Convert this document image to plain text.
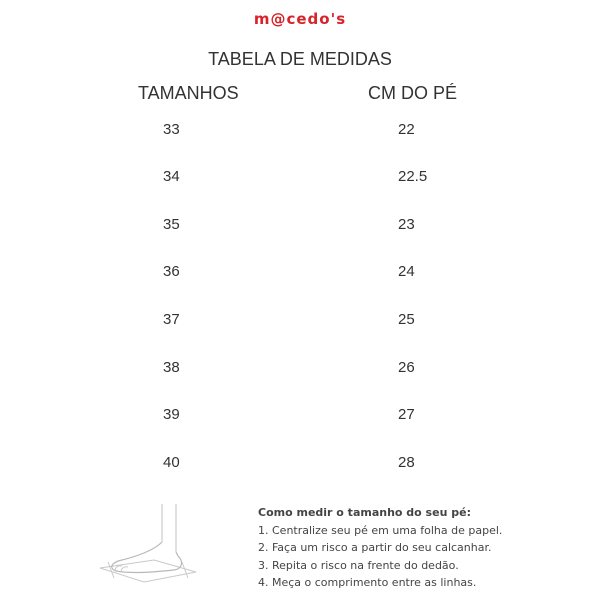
m@cedo's
TABELA DE MEDIDAS
TAMANHOS	CM DO PÉ
33	22
34	22.5
35	23
36	24
37	25
38	26
39	27
40	28
Como medir o tamanho do seu pé:
1. Centralize seu pé em uma folha de papel.
2. Faça um risco a partir do seu calcanhar.
3. Repita o risco na frente do dedão.
4. Meça o comprimento entre as linhas.
